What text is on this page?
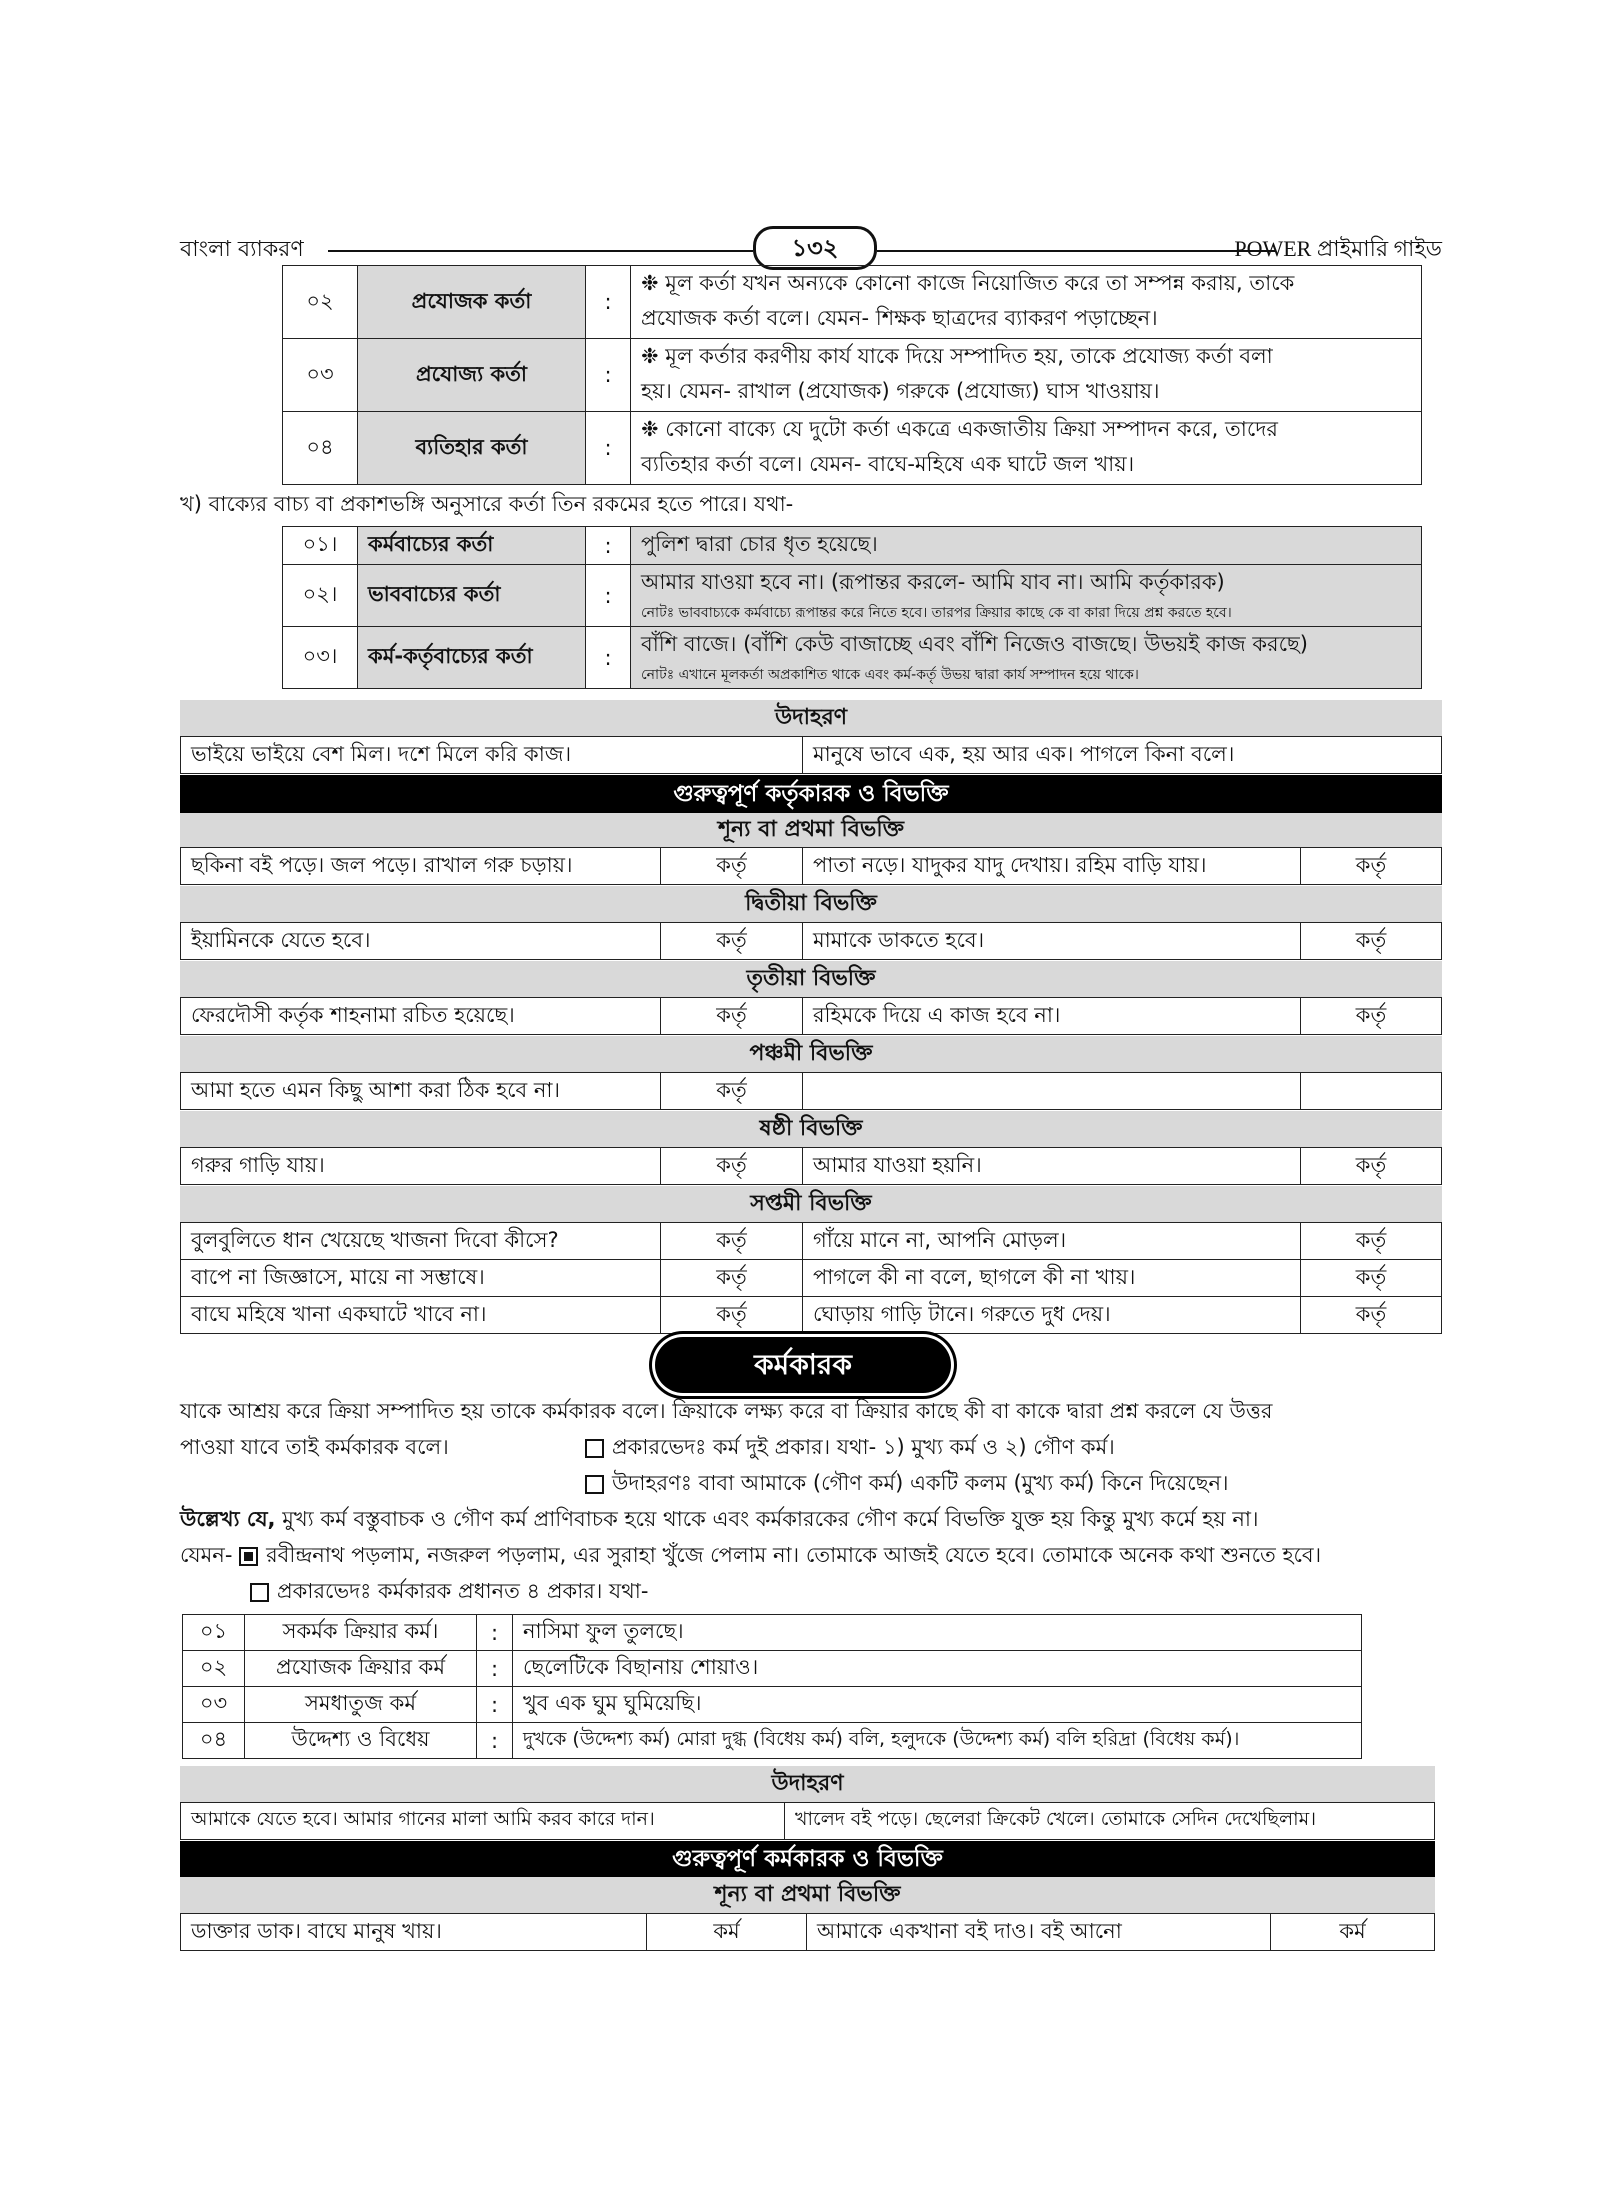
বাংলা ব্যাকরণ	১৩২	POWER প্রাইমারি গাইড
০২	প্রযোজক কর্তা	:	❉ মূল কর্তা যখন অন্যকে কোনো কাজে নিয়োজিত করে তা সম্পন্ন করায়, তাকে
প্রযোজক কর্তা বলে। যেমন- শিক্ষক ছাত্রদের ব্যাকরণ পড়াচ্ছেন।

০৩	প্রযোজ্য কর্তা	:	❉ মূল কর্তার করণীয় কার্য যাকে দিয়ে সম্পাদিত হয়, তাকে প্রযোজ্য কর্তা বলা
হয়। যেমন- রাখাল (প্রযোজক) গরুকে (প্রযোজ্য) ঘাস খাওয়ায়।

০৪	ব্যতিহার কর্তা	:	❉ কোনো বাক্যে যে দুটো কর্তা একত্রে একজাতীয় ক্রিয়া সম্পাদন করে, তাদের
ব্যতিহার কর্তা বলে। যেমন- বাঘে-মহিষে এক ঘাটে জল খায়।
খ) বাক্যের বাচ্য বা প্রকাশভঙ্গি অনুসারে কর্তা তিন রকমের হতে পারে। যথা-
০১।	কর্মবাচ্যের কর্তা	:	পুলিশ দ্বারা চোর ধৃত হয়েছে।
০২।	ভাববাচ্যের কর্তা	:	আমার যাওয়া হবে না। (রূপান্তর করলে- আমি যাব না। আমি কর্তৃকারক)
নোটঃ ভাববাচ্যকে কর্মবাচ্যে রূপান্তর করে নিতে হবে। তারপর ক্রিয়ার কাছে কে বা কারা দিয়ে প্রশ্ন করতে হবে।

০৩।	কর্ম-কর্তৃবাচ্যের কর্তা	:	বাঁশি বাজে। (বাঁশি কেউ বাজাচ্ছে এবং বাঁশি নিজেও বাজছে। উভয়ই কাজ করছে)
নোটঃ এখানে মূলকর্তা অপ্রকাশিত থাকে এবং কর্ম-কর্তৃ উভয় দ্বারা কার্য সম্পাদন হয়ে থাকে।
উদাহরণ
ভাইয়ে ভাইয়ে বেশ মিল। দশে মিলে করি কাজ।	মানুষে ভাবে এক, হয় আর এক। পাগলে কিনা বলে।
গুরুত্বপূর্ণ কর্তৃকারক ও বিভক্তি
শূন্য বা প্রথমা বিভক্তি
ছকিনা বই পড়ে। জল পড়ে। রাখাল গরু চড়ায়।	কর্তৃ	পাতা নড়ে। যাদুকর যাদু দেখায়। রহিম বাড়ি যায়।	কর্তৃ
দ্বিতীয়া বিভক্তি
ইয়ামিনকে যেতে হবে।	কর্তৃ	মামাকে ডাকতে হবে।	কর্তৃ
তৃতীয়া বিভক্তি
ফেরদৌসী কর্তৃক শাহনামা রচিত হয়েছে।	কর্তৃ	রহিমকে দিয়ে এ কাজ হবে না।	কর্তৃ
পঞ্চমী বিভক্তি
আমা হতে এমন কিছু আশা করা ঠিক হবে না।	কর্তৃ		
ষষ্ঠী বিভক্তি
গরুর গাড়ি যায়।	কর্তৃ	আমার যাওয়া হয়নি।	কর্তৃ
সপ্তমী বিভক্তি
বুলবুলিতে ধান খেয়েছে খাজনা দিবো কীসে?	কর্তৃ	গাঁয়ে মানে না, আপনি মোড়ল।	কর্তৃ
বাপে না জিজ্ঞাসে, মায়ে না সম্ভাষে।	কর্তৃ	পাগলে কী না বলে, ছাগলে কী না খায়।	কর্তৃ
বাঘে মহিষে খানা একঘাটে খাবে না।	কর্তৃ	ঘোড়ায় গাড়ি টানে। গরুতে দুধ দেয়।	কর্তৃ
কর্মকারক
যাকে আশ্রয় করে ক্রিয়া সম্পাদিত হয় তাকে কর্মকারক বলে। ক্রিয়াকে লক্ষ্য করে বা ক্রিয়ার কাছে কী বা কাকে দ্বারা প্রশ্ন করলে যে উত্তর
পাওয়া যাবে তাই কর্মকারক বলে।	প্রকারভেদঃ কর্ম দুই প্রকার। যথা- ১) মুখ্য কর্ম ও ২) গৌণ কর্ম।
উদাহরণঃ বাবা আমাকে (গৌণ কর্ম) একটি কলম (মুখ্য কর্ম) কিনে দিয়েছেন।
উল্লেখ্য যে, মুখ্য কর্ম বস্তুবাচক ও গৌণ কর্ম প্রাণিবাচক হয়ে থাকে এবং কর্মকারকের গৌণ কর্মে বিভক্তি যুক্ত হয় কিন্তু মুখ্য কর্মে হয় না।
যেমন- রবীন্দ্রনাথ পড়লাম, নজরুল পড়লাম, এর সুরাহা খুঁজে পেলাম না। তোমাকে আজই যেতে হবে। তোমাকে অনেক কথা শুনতে হবে।
প্রকারভেদঃ কর্মকারক প্রধানত ৪ প্রকার। যথা-
০১	সকর্মক ক্রিয়ার কর্ম।	:	নাসিমা ফুল তুলছে।
০২	প্রযোজক ক্রিয়ার কর্ম	:	ছেলেটিকে বিছানায় শোয়াও।
০৩	সমধাতুজ কর্ম	:	খুব এক ঘুম ঘুমিয়েছি।
০৪	উদ্দেশ্য ও বিধেয়	:	দুখকে (উদ্দেশ্য কর্ম) মোরা দুগ্ধ (বিধেয় কর্ম) বলি, হলুদকে (উদ্দেশ্য কর্ম) বলি হরিদ্রা (বিধেয় কর্ম)।
উদাহরণ
আমাকে যেতে হবে। আমার গানের মালা আমি করব কারে দান।	খালেদ বই পড়ে। ছেলেরা ক্রিকেট খেলে। তোমাকে সেদিন দেখেছিলাম।
গুরুত্বপূর্ণ কর্মকারক ও বিভক্তি
শূন্য বা প্রথমা বিভক্তি
ডাক্তার ডাক। বাঘে মানুষ খায়।	কর্ম	আমাকে একখানা বই দাও। বই আনো	কর্ম
